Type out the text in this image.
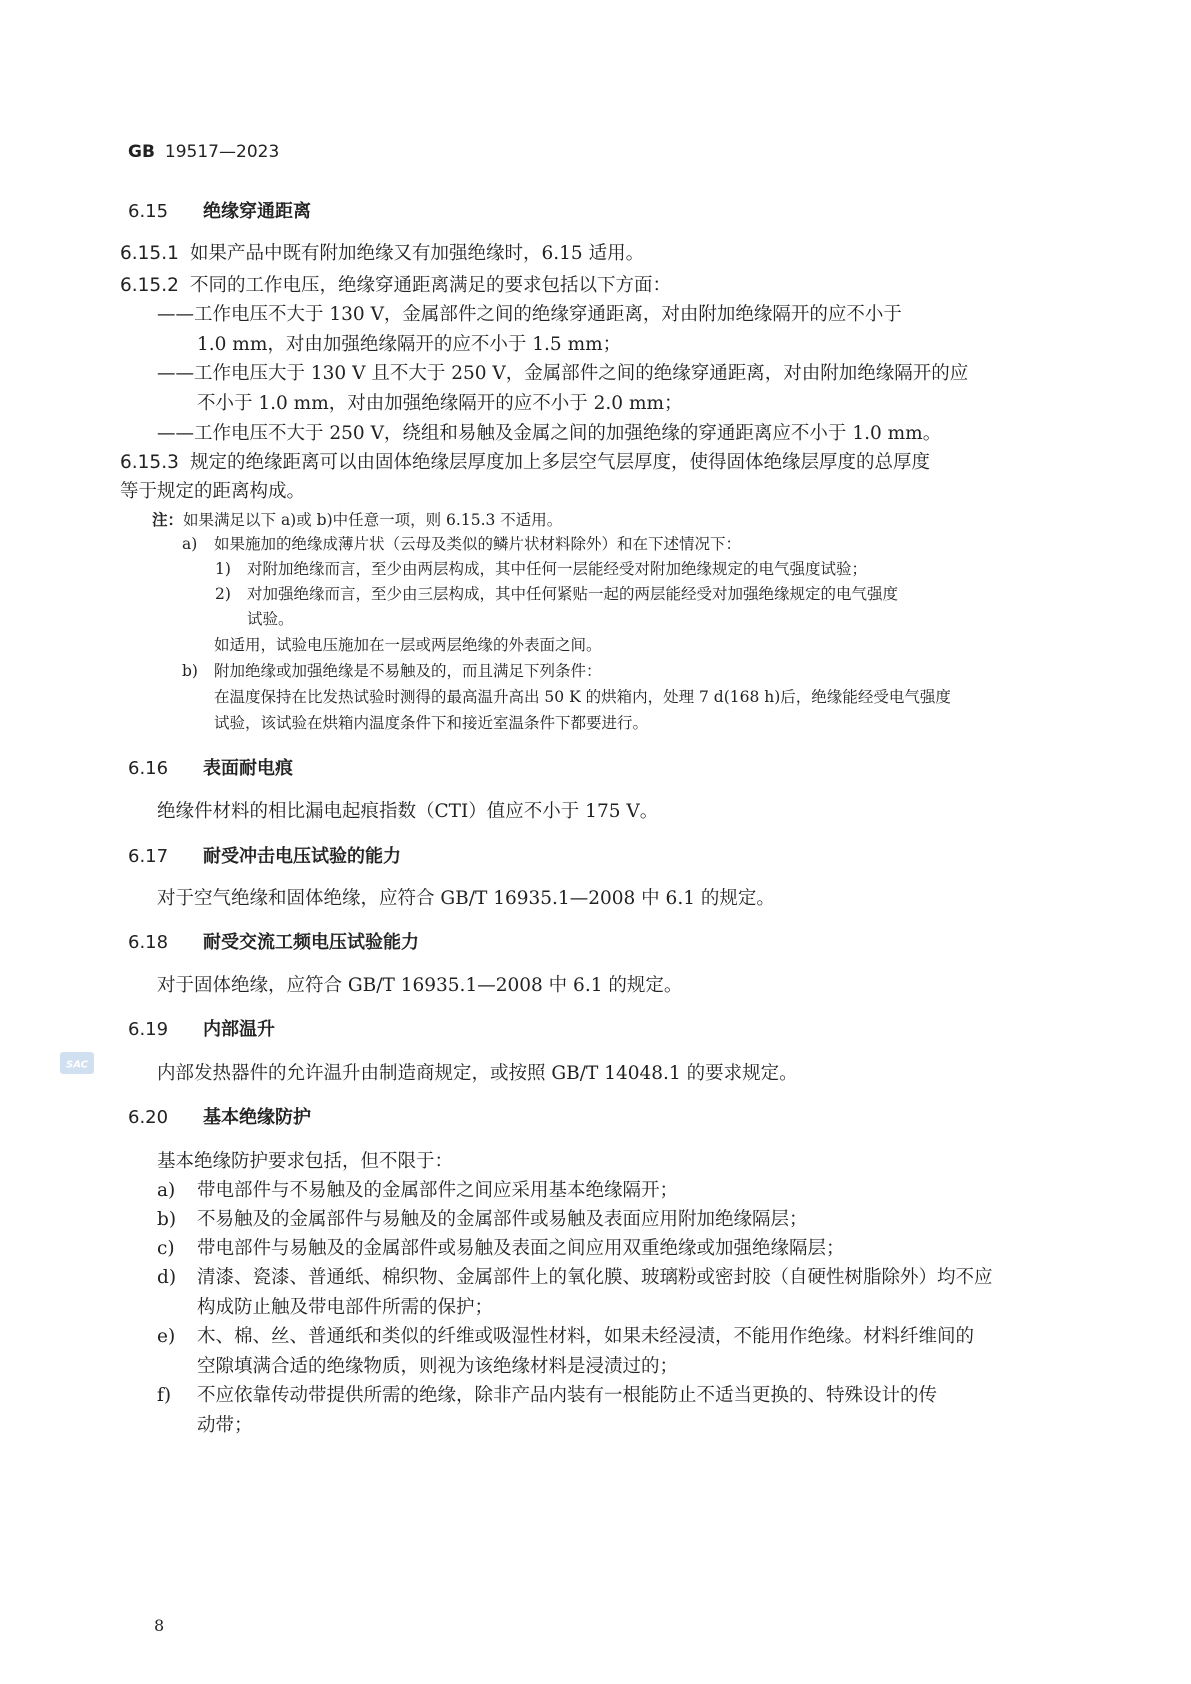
GB 19517—2023
6.15 绝缘穿通距离
6.15.1 如果产品中既有附加绝缘又有加强绝缘时，6.15 适用。
6.15.2 不同的工作电压，绝缘穿通距离满足的要求包括以下方面：
——工作电压不大于 130 V，金属部件之间的绝缘穿通距离，对由附加绝缘隔开的应不小于
1.0 mm，对由加强绝缘隔开的应不小于 1.5 mm；
——工作电压大于 130 V 且不大于 250 V，金属部件之间的绝缘穿通距离，对由附加绝缘隔开的应
不小于 1.0 mm，对由加强绝缘隔开的应不小于 2.0 mm；
——工作电压不大于 250 V，绕组和易触及金属之间的加强绝缘的穿通距离应不小于 1.0 mm。
6.15.3 规定的绝缘距离可以由固体绝缘层厚度加上多层空气层厚度，使得固体绝缘层厚度的总厚度
等于规定的距离构成。
注：如果满足以下 a)或 b)中任意一项，则 6.15.3 不适用。
a) 如果施加的绝缘成薄片状（云母及类似的鳞片状材料除外）和在下述情况下：
1) 对附加绝缘而言，至少由两层构成，其中任何一层能经受对附加绝缘规定的电气强度试验；
2) 对加强绝缘而言，至少由三层构成，其中任何紧贴一起的两层能经受对加强绝缘规定的电气强度
试验。
如适用，试验电压施加在一层或两层绝缘的外表面之间。
b) 附加绝缘或加强绝缘是不易触及的，而且满足下列条件：
在温度保持在比发热试验时测得的最高温升高出 50 K 的烘箱内，处理 7 d(168 h)后，绝缘能经受电气强度
试验，该试验在烘箱内温度条件下和接近室温条件下都要进行。
6.16 表面耐电痕
绝缘件材料的相比漏电起痕指数（CTI）值应不小于 175 V。
6.17 耐受冲击电压试验的能力
对于空气绝缘和固体绝缘，应符合 GB/T 16935.1—2008 中 6.1 的规定。
6.18 耐受交流工频电压试验能力
对于固体绝缘，应符合 GB/T 16935.1—2008 中 6.1 的规定。
6.19 内部温升
内部发热器件的允许温升由制造商规定，或按照 GB/T 14048.1 的要求规定。
6.20 基本绝缘防护
基本绝缘防护要求包括，但不限于：
a) 带电部件与不易触及的金属部件之间应采用基本绝缘隔开；
b) 不易触及的金属部件与易触及的金属部件或易触及表面应用附加绝缘隔层；
c) 带电部件与易触及的金属部件或易触及表面之间应用双重绝缘或加强绝缘隔层；
d) 清漆、瓷漆、普通纸、棉织物、金属部件上的氧化膜、玻璃粉或密封胶（自硬性树脂除外）均不应
构成防止触及带电部件所需的保护；
e) 木、棉、丝、普通纸和类似的纤维或吸湿性材料，如果未经浸渍，不能用作绝缘。材料纤维间的
空隙填满合适的绝缘物质，则视为该绝缘材料是浸渍过的；
f) 不应依靠传动带提供所需的绝缘，除非产品内装有一根能防止不适当更换的、特殊设计的传
动带；
8
SAC
